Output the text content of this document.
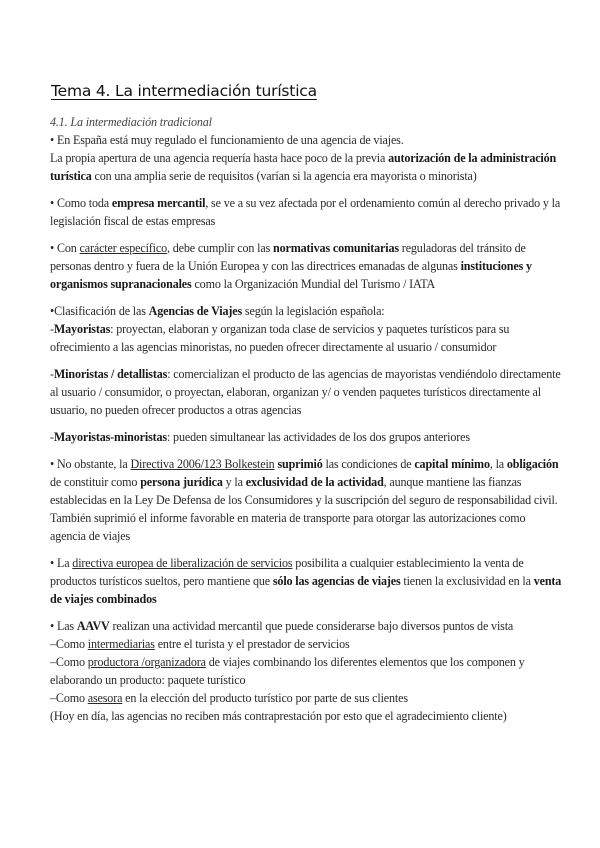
Tema 4. La intermediación turística

4.1. La intermediación tradicional

• En España está muy regulado el funcionamiento de una agencia de viajes.
La propia apertura de una agencia requería hasta hace poco de la previa autorización de la administración turística con una amplia serie de requisitos (varían si la agencia era mayorista o minorista)

• Como toda empresa mercantil, se ve a su vez afectada por el ordenamiento común al derecho privado y la legislación fiscal de estas empresas

• Con carácter específico, debe cumplir con las normativas comunitarias reguladoras del tránsito de personas dentro y fuera de la Unión Europea y con las directrices emanadas de algunas instituciones y organismos supranacionales como la Organización Mundial del Turismo / IATA

•Clasificación de las Agencias de Viajes según la legislación española:
-Mayoristas: proyectan, elaboran y organizan toda clase de servicios y paquetes turísticos para su ofrecimiento a las agencias minoristas, no pueden ofrecer directamente al usuario / consumidor

-Minoristas / detallistas: comercializan el producto de las agencias de mayoristas vendiéndolo directamente al usuario / consumidor, o proyectan, elaboran, organizan y/ o venden paquetes turísticos directamente al usuario, no pueden ofrecer productos a otras agencias

-Mayoristas-minoristas: pueden simultanear las actividades de los dos grupos anteriores

• No obstante, la Directiva 2006/123 Bolkestein suprimió las condiciones de capital mínimo, la obligación de constituir como persona jurídica y la exclusividad de la actividad, aunque mantiene las fianzas establecidas en la Ley De Defensa de los Consumidores y la suscripción del seguro de responsabilidad civil. También suprimió el informe favorable en materia de transporte para otorgar las autorizaciones como agencia de viajes

• La directiva europea de liberalización de servicios posibilita a cualquier establecimiento la venta de productos turísticos sueltos, pero mantiene que sólo las agencias de viajes tienen la exclusividad en la venta de viajes combinados

• Las AAVV realizan una actividad mercantil que puede considerarse bajo diversos puntos de vista
–Como intermediarias entre el turista y el prestador de servicios
–Como productora /organizadora de viajes combinando los diferentes elementos que los componen y elaborando un producto: paquete turístico
–Como asesora en la elección del producto turístico por parte de sus clientes
(Hoy en día, las agencias no reciben más contraprestación por esto que el agradecimiento cliente)
